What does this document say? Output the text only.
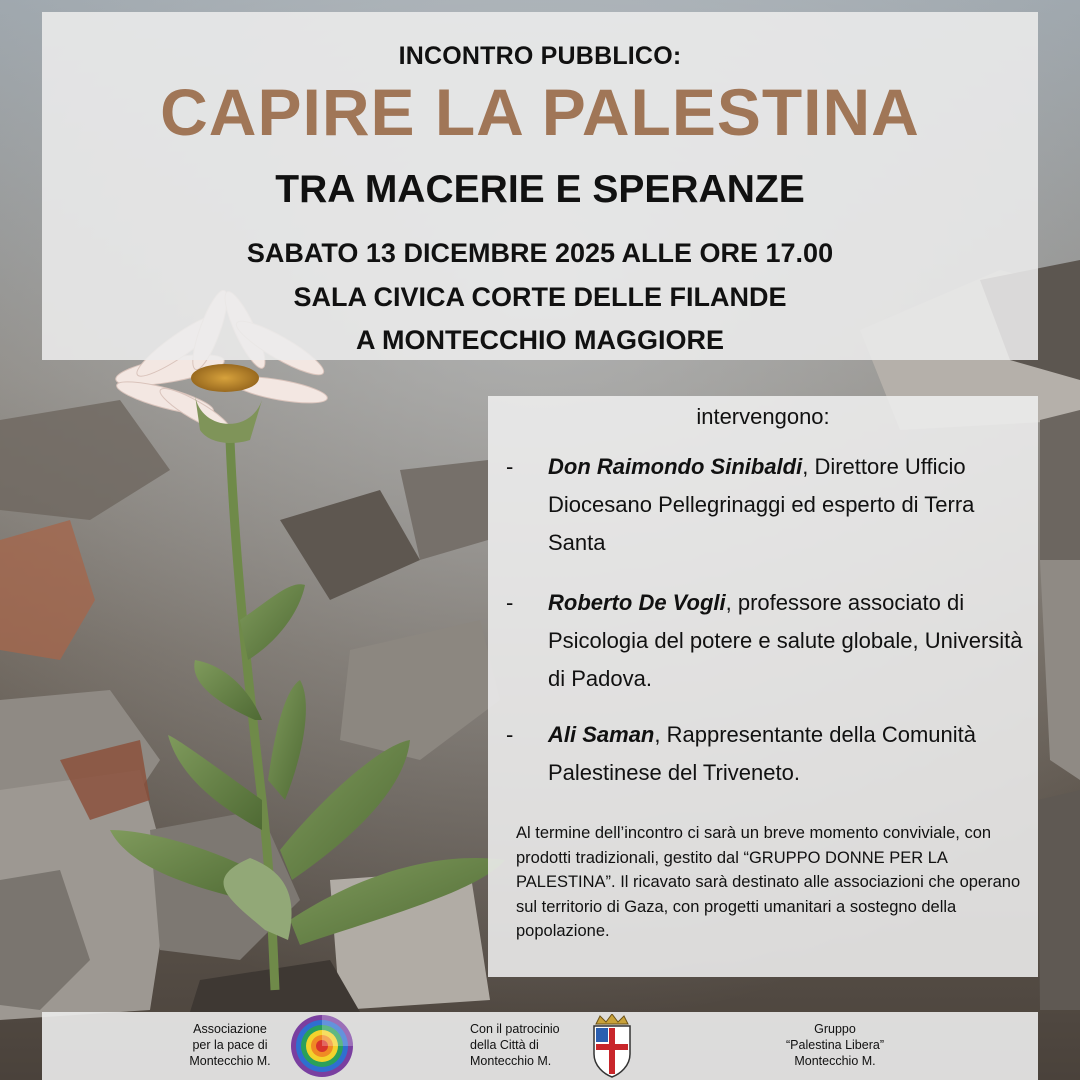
INCONTRO PUBBLICO:
CAPIRE LA PALESTINA
TRA MACERIE E SPERANZE
SABATO 13 DICEMBRE 2025 ALLE ORE 17.00
SALA CIVICA CORTE DELLE FILANDE
A MONTECCHIO MAGGIORE
intervengono:
-	Don Raimondo Sinibaldi, Direttore Ufficio Diocesano Pellegrinaggi ed esperto di Terra Santa
-	Roberto De Vogli, professore associato di Psicologia del potere e salute globale, Università di Padova.
-	Ali Saman, Rappresentante della Comunità Palestinese del Triveneto.
Al termine dell’incontro ci sarà un breve momento conviviale, con prodotti tradizionali, gestito dal “GRUPPO DONNE PER LA PALESTINA”. Il ricavato sarà destinato alle associazioni che operano sul territorio di Gaza, con progetti umanitari a sostegno della popolazione.
Associazione
per la pace di
Montecchio M.
Con il patrocinio
della Città di
Montecchio M.
Gruppo
“Palestina Libera”
Montecchio M.
